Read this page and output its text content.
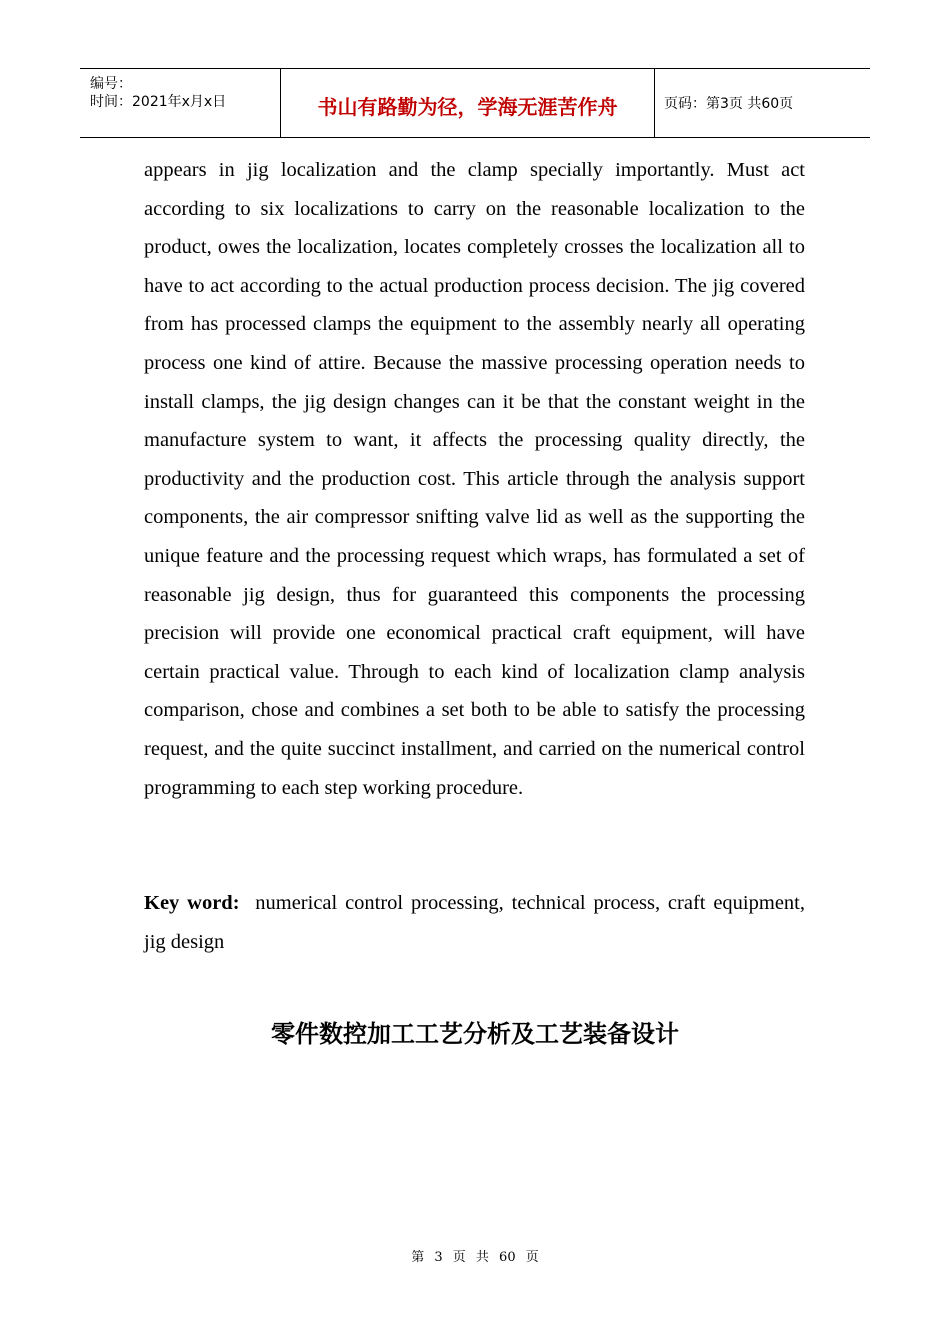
编号：
时间：2021年x月x日	书山有路勤为径，学海无涯苦作舟	页码：第3页 共60页

appears in jig localization and the clamp specially importantly. Must act according to six localizations to carry on the reasonable localization to the product, owes the localization, locates completely crosses the localization all to have to act according to the actual production process decision. The jig covered from has processed clamps the equipment to the assembly nearly all operating process one kind of attire. Because the massive processing operation needs to install clamps, the jig design changes can it be that the constant weight in the manufacture system to want, it affects the processing quality directly, the productivity and the production cost. This article through the analysis support components, the air compressor snifting valve lid as well as the supporting the unique feature and the processing request which wraps, has formulated a set of reasonable jig design, thus for guaranteed this components the processing precision will provide one economical practical craft equipment, will have certain practical value. Through to each kind of localization clamp analysis comparison, chose and combines a set both to be able to satisfy the processing request, and the quite succinct installment, and carried on the numerical control programming to each step working procedure.

Key word: numerical control processing, technical process, craft equipment, jig design
零件数控加工工艺分析及工艺装备设计
第 3 页 共 60 页
